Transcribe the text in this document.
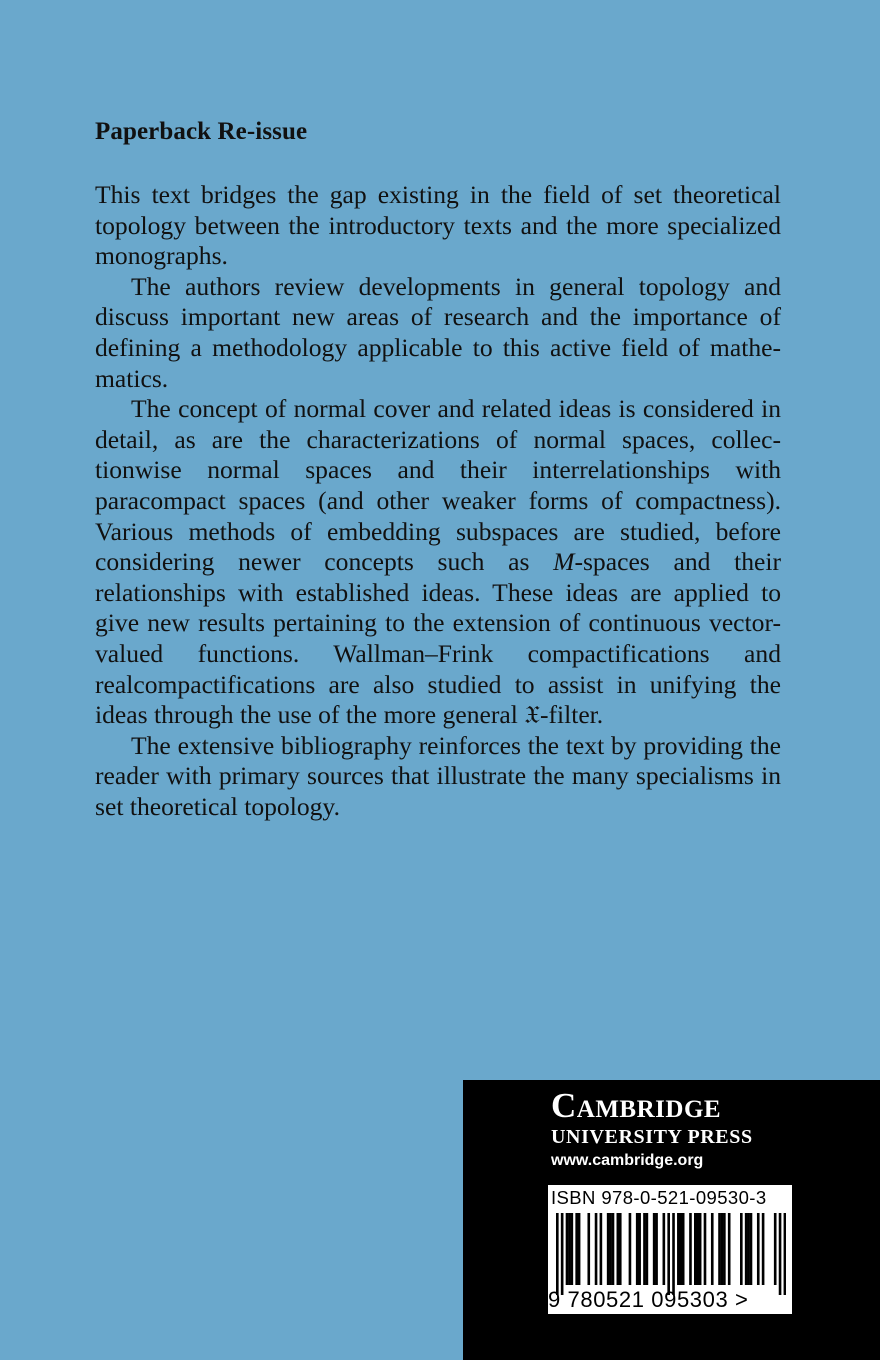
Paperback Re-issue

This text bridges the gap existing in the field of set theoretical topology between the introductory texts and the more specialized monographs.

The authors review developments in general topology and discuss important new areas of research and the importance of defining a methodology applicable to this active field of mathe-matics.

The concept of normal cover and related ideas is considered in detail, as are the characterizations of normal spaces, collec-tionwise normal spaces and their interrelationships with paracompact spaces (and other weaker forms of compactness). Various methods of embedding subspaces are studied, before considering newer concepts such as M-spaces and their relationships with established ideas. These ideas are applied to give new results pertaining to the extension of continuous vector-valued functions. Wallman–Frink compactifications and realcompactifications are also studied to assist in unifying the ideas through the use of the more general 𝔛-filter.

The extensive bibliography reinforces the text by providing the reader with primary sources that illustrate the many specialisms in set theoretical topology.

Cambridge
UNIVERSITY PRESS
www.cambridge.org
ISBN 978-0-521-09530-3
9 780521 095303 >
